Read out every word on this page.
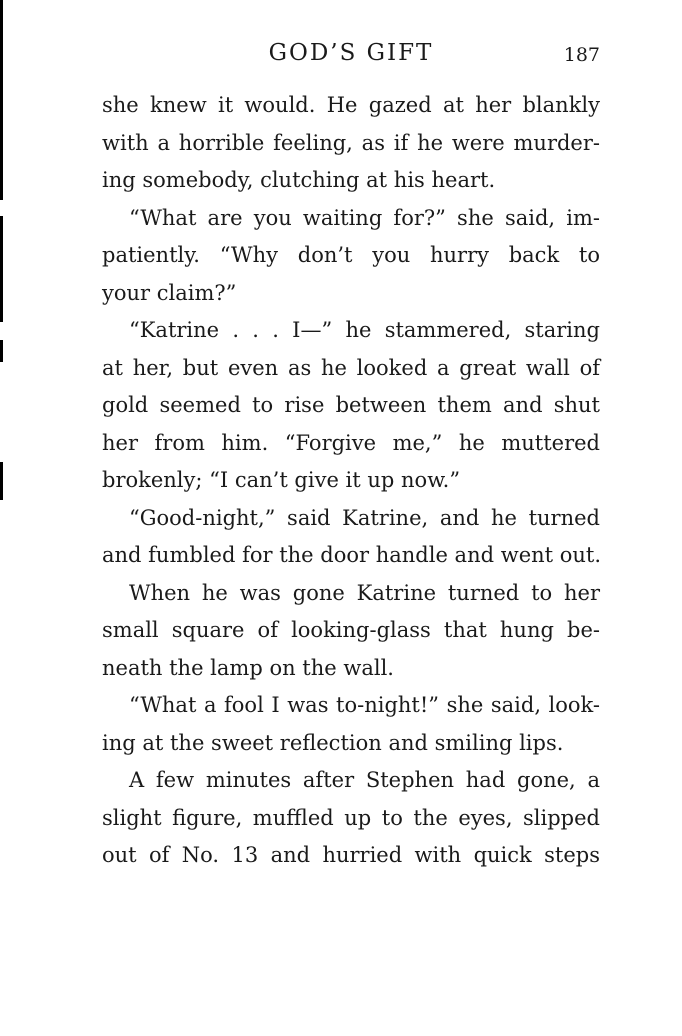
GOD’S GIFT	187
she knew it would. He gazed at her blankly
with a horrible feeling, as if he were murder-
ing somebody, clutching at his heart.
“What are you waiting for?” she said, im-
patiently. “Why don’t you hurry back to
your claim?”
“Katrine . . . I—” he stammered, staring
at her, but even as he looked a great wall of
gold seemed to rise between them and shut
her from him. “Forgive me,” he muttered
brokenly; “I can’t give it up now.”
“Good-night,” said Katrine, and he turned
and fumbled for the door handle and went out.
When he was gone Katrine turned to her
small square of looking-glass that hung be-
neath the lamp on the wall.
“What a fool I was to-night!” she said, look-
ing at the sweet reflection and smiling lips.
A few minutes after Stephen had gone, a
slight figure, muffled up to the eyes, slipped
out of No. 13 and hurried with quick steps
